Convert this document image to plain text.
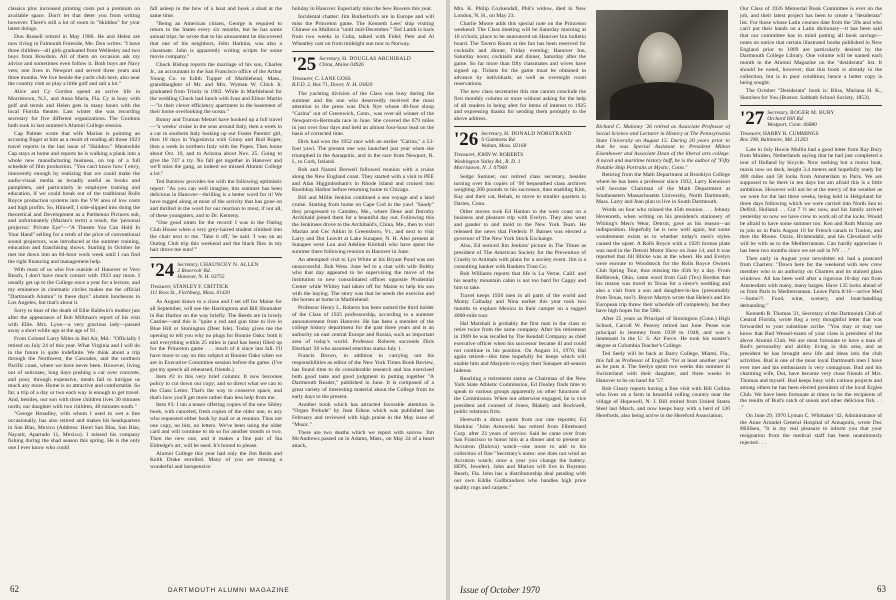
classics plus increased printing costs put a premium on available space. Don't let that deter you from writing however. There's still a lot of room in "Skiddoo" for your latest doings.

Don Russell retired in May 1966. He and Helen are now living in Falmouth Foreside, Me. Don writes: "I have three children—all girls graduated from Wellesley and two boys from Bowdoin. All of them on occasion ask my advice and sometimes even follow it. Both boys are Navy vets; one lives in Newport and served three years and three months. We live beside the yacht club here, also near the country club so play a little golf and sail a lot."

Alice and Cy Gordon spend an active life in Morristown, N.J., and Anna Maria, Fla. Cy is busy with golf and tennis and Helen gets in many hours with the local Florida theatre. Last winter she was recording secretary for five different organizations. The Gordons both took in last summer's Alumni College session.

Cap Palmer wrote that wife Marian is pointing an accusing finger at him as a result of reading all those 1923 travel reports in the last issue of "Skiddoo." Meanwhile Cap stays at home and reports he is walking a plank into a whole new manufacturing business, on top of a full schedule of film production. "You can't know how I envy, innocently enough by realizing that we could make the audio-visual media as broadly useful as books and pamphlets, and particularly in employee training and education, if we could break out of the traditional Rolls Royce production systems into the VW area of low costs and high profits. So, Himself, I side-slipped into doing the theoretical and Development as a Parthenon Pictures sub, and unfortunately (Marian's term) a result, the 'personal projector,' Private Eye"—"A Theatre You Can Hold In Your Hand" selling for a tenth of the price of conventional sound projectors, was introduced at the summer training, education and franchising shows. Starting in October he met me down into an 84-hour work week until I can find the right financing and management help.

With most of us who live outside of Hanover or Vero Beach, I don't have much contact with 1923 any more. I usually get up to the College once a year for a lecture, and my eminence in cinematic circles makes me the official "Dartmouth Alumni" in these days" alumni luncheons in Los Angeles, but that's about it.

Sorry to hear of the death of Ellie Baldwin's mother just after the appearance of Bob Millman's report of his visit with Ellie. Mrs. Lyon—a very gracious lady—passed away a short while ago at the age of 91.

From Colonel Larry Miles in Bel Air, Md.: "Officially I retired on July 24 of this year. What Virginia and I will do in the future is quite indefinite. We think about a trip through the Northwest, the Cascades, and the northern Pacific coast, where we have never been. However, living out of suitcases, long days pushing a car over concrete, and poor, through expensive, meals fail to intrigue us much any more. Home is so attractive and comfortable. So far, a trip of a day or two each way is enough to get travel. And, besides, our son with three children lives 30 minutes north; our daughter with two children, 40 minutes south."

"George Broadley, with whom I used to wet a line occasionally, has also retired and makes his headquarters in San Blas, Mexico (Address: Hotel San Blas, San Blas, Nayarit, Apartado 11, Mexico). I missed his company fishing during the shad season this spring. He is the only one I ever know who could

fall asleep in the bow of a boat and hook a shad at the same time.

"Being an American citizen, George is required to return to the States every six months, but he has some annual trips; he wrote that to his amusement he discovered that one of his neighbors, John Harkins, was also a classmate. John is apparently writing scripts for some movie company."

Chuck Bishop reports the marriage of his son, Charles Jr., an accountant in the San Francisco office of the Arthur Young Co. to Edith Tupper of Marblehead, Mass., granddaughter of Mr. and Mrs. Wyman W. Chick Jr. graduated from Trinity in 1962. While in Marblehead for the wedding Chuck had lunch with Ivan and Elinor Martin—"in their clever efficiency apartment in the basement of their home overlooking the ocean."

Bunny and Truman Metzel have hooked up a full travel—"a weeks' cruise in the seas around Italy, then a week in a car in southern Italy looking up our Foster Parents' girl, then 10 days in Yugoslavia with Ginny and Bud Roper, then a week in northern Italy with the Popes. Then home about Oct. 10, and to Arizona about Nov. 25. Going to give the 747 a try. No fall get together in Hanover and we'll miss the gang, as indeed we missed Alumni College a lot."

Ted Barstow provides me with the following optimistic report: "As you can well imagine, this summer has been delicious in Hanover—thrilling is a better word for it! We have tugged along at most of the activity that has gone on and thrilled in the word for our reaction to most, if not all, of these youngsters, and to Dr. Kemeny.

"One good omen for the record: I was in the Outing Club House when a very grey-haired student climbed into the chair next to me. 'Take it off,' he said. 'I was on an Outing Club trip this weekend and the black flies in my hair drove me nuts!'"

'24 Secretary, CHAUNCEY N. ALLEN
2 Reservoir Rd.
Hanover, N. H. 03755
Treasurer, STANLEY F. CRITTICK
111 Ross St., Fitchburg, Mass. 01420

As August draws to a close and I set off for Maine for all September, will see the Harringtons and Bill Shumaker in Bar Harbor on the way briefly. The Reeds are in lovely Castine—and this is "quite a rod and gun time to live in Blue Hill or Stonington (Deer Isle). Today gives me the opening to tell you why no plugs for Bonnie Oaks: both it and everything within 25 miles is (and has been) filled up for the Princeton game . . . much of it since last fall. I'll have more to say on this subject at Bonnie Oaks when we are in Executive Committee session before the game. (I've got my speech all rehearsed, friends.)

Item #2 in this very brief column: It now becomes policy to cut down our copy; and so direct what we can to the Class Letter. That's the way to conserve space, and that's how you'll get more rather than less help from me.

Item #3: I ran a teaser offering copies of the new Sibley book, with canceled, fresh copies of the older one, to any who requested either book by mail or at reunion. Thus not one copy, no bits, no letters. We've been using the older card and will continue to do so for another month or two. Then the new one, and it makes a fine pair of Sta Eldredge's art, will be used. It's bound to please.

Alumni College this year had only the Jim Reids and Keith Drake enrolled. Many of you are missing a wonderful and inexpensive

holiday in Hanover. Especially miss the Sew Bowers this year.

Incidental chatter: Jim Rutherford's are in Europe and will miss the Princeton game. The Kenneth Lees' ship visiting Chinese on Mallorca "until mid-December." Ted Lamb is back from two weeks in Cuba, talked with Fidel; Pete and Al Wheatley cast on from midnight sun tour to Norway.

'25 Secretary, H. DOUGLAS ARCHIBALD
China, Maine 04926
Treasurer, C. LANE GOSS
R.F.D. 2, Box 71, Dover, N. H. 03820

The yachting division of the Class was busy during the summer and the one who deservedly received the most attention in the press was Dick Nye whose 48-foot sloop "Carina" out of Greenwich, Conn., was over-all winner of the Newport-to-Bermuda race in June. She covered the 679 miles in just over four days and held an almost four-hour lead on the basis of corrected time.

Dick had won the 1952 race with an earlier "Carina," a 53-foot yawl. The present one was launched just year when she triumphed in the Annapolis, and in the race from Newport, R. I., to Cork, Ireland.

Bob and Naomi Borwell followed reunion with a cruise along the New England coast. They started with a visit to PEE and Alan Higginbotham's in Rhode Island and cruised into Boothbay Harbor before returning home to Chicago.

Bill and Millie Jenkins combined a sea voyage and a land cruise. Starting from home on Cape Cod in the yawl "Sandy" they progressed to Camden, Me., where Dene and Dorothy Archibald joined them for a beautiful day out. Following this the Jenkinses drove to the Archibald's, China, Me., then to visit Marian and Cec Aitkin in Greensboro, Vt., and next to visit Larry and Dot Leavitt at Lake Sunapee, N. H. Also present at Sunapee were Lou and Adeline Kimball who have spent the summer there following reunion in Hanover in June.

An attempted visit to Lyn White at his Bryant Pond was not unsuccessful. Bob Wess. June led to a chat with wife Bobby who that day appeared to be supervising the move of the institution to new consolidated offices opposite Prudential Center while Whitey had taken off for Maine to help his son with the haying. The story was that he needs the exercise and the horses at home in Marblehead.

Professor Henry L. Roberts has been named the third holder of the Class of 1925 professorship, according to a summer announcement from Hanover. He has been a member of the college history department for the past three years and is an authority on east central Europe and Russia, such as important area of today's world. Professor Roberts succeeds Dick Eberhart '26 who assumed emeritus status July 1.

Francis Brown, in addition to carrying out his responsibilities as editor of the New York Times Book Review, has found time to do considerable research and has exercised both good taste and good judgment in putting together "A Dartmouth Reader," published in June. It is composed of a great variety of interesting material about the College from its early days to the present.

Another book which has attracted favorable attention is "Organ Prelude" by Jean Edson which was published last February and reviewed with high praise in the May issue of "Music."

There are two deaths which we report with sorrow. Jim McAndrews passed on in Adams, Mass., on May 24 of a heart attack,

62	DARTMOUTH ALUMNI MAGAZINE

Mrs. K. Philip Coykendall, Phil's widow, died in New London, N. H., on May 23.

Charlie Moore adds this special note on the Princeton weekend: The Class meeting will be Saturday morning at 10 o'clock; place to be announced on Hanover Inn bulletin board. The Tavern Room at the Inn has been reserved for cocktails and dinner, Friday evening; Hanover Inn, Saturday noon; cocktails and dinner, Saturday after the game. So far more than fifty classmates and wives have signed up. Tickets for the game must be obtained in advance by individuals; as well as overnight room reservations.

The new class secretaries this one cannot conclude the first monthly column or more without asking for the help of all readers in being alert for items of interest to 1925 and expressing thanks for sending them promptly to the above address.

'26 Secretary, H. DONALD NORSTRAND
9 Gammons Rd.
Waban, Mass. 02168
Treasurer, JOHN W. ROBERTS
Washington Valley Rd., R. D. 1
Morristown, N. J. 07960

Sedge Sumner, our retired class secretary, besides turning over his copies of ’06 bequeathed class archives weighing 200 pounds to his successor, then enabling Kim, Kay and their cat, Rehab, to move to smaller quarters in Darien, Conn.

Other moves took Ed Hanlon to the west coast on a business and pleasure trip with Evelyn. They also went and gander to and mold to the New York Team. He released the news that Frederic P. Barnes was elected a governor of The New York Stock Exchange.

Also, Ed noticed Jim Jenkins' picture in The Times as president of The American Society for the Prevention of Cruelty to Animals with plans for a society event. Jim is a consulting banker with Bankers Trust Co.

Bob Williams reports that life is La Verne, Calif. and his nearby mountain cabin is not too hard for Cappy and him to take.

Travel keeps 1926 men in all parts of the world and Monty Calladay and Nina earlier this year took two months to explore Mexico in their camper on a rugged 4000-mile tour.

Hal Marshall is probably the first man in the class to retire twice from the same company. After his retirement in 1969 he was recalled by The Kendall Company as chief executive officer when his successor became ill and could not continue in his position. On August 31, 1970, Hal again retired—this time hopefully for keeps which will enable him and Marjorie to enjoy their Sunapee all-season hideout.

Reaching a retirement status as Chairman of the New York State Athletic Commission, Ed Dooley finds time to speak to various groups apparently on other functions of the Commission. When not otherwise engaged, he is vice president and counsel of Jones, Blakely and Rockwell, public relations firm.

Herewith a direct quote from our rate reporter, Ed Haskins: "John Arnowski has retired from Fibreboard Corp. after 23 years of service. Said he came over from San Francisco to honor him at a dinner and to present an Accutron (Bulova) watch—one more to add to his collection of fine "Secretary's notes: one does not wind an Accutron watch; once a year you change the battery. HDN, Jeweler). John and Marion will live in Boynton Beach, Fla. John has a distributorship deal pending with our own Eddie Gullbrandsen who handles high price quality rugs and carpets."

Richard C. Maloney '26 retired as Associate Professor of Social Science and Lecturer in History at The Pennsylvania State University on August 15. During 20 years prior to that he was Special Assistant to President Milton Eisenhower and Associate Dean of the liberal arts college. A naval and maritime history buff, he is the author of "Fifty Notable Ship Portraits at Mystic, Conn."

Retiring from the Math Department at Brooklyn College where he has been a professor since 1932, Larry Kennison will become Chairman of the Math Department at Southeastern Massachusetts University, North Dartmouth, Mass. Larry and Jean plan to live in South Dartmouth.

Words on four who missed the 45th reunion . . . Johnny Hovenreth, when writing on his president's stationery of Whiting's Men's Wear, Detroit, gave as his reason—an indisposition. Hopefully he is now well again, but some wondrement exists as to whether today's men's styles caused the upset. A Rolls Royce with a 1926 license plate was used in the Detroit Motor Show on June 14, and it was reported that Jill Blicke was at the wheel. He and Evelyn were enroute to Woodstock for the Rolls Royce Owners Club Spring Tour, thus missing the 45th by a day. From Bellbrook, Ohio, came word from Gail (Tex) Borden that his reason was travel to Texas for a niece's wedding and also a visit from a son and daughter-in-law (presumably from Texas, too?). Boyce Martyn wrote that Helen's and his European trip threw their schedule off completely, but they have high hopes for the 50th.

After 25 years as Principal of Stonington (Conn.) High School, Carroll W. Peavey retired last June. Pease was principal in Jeremey from 1939 to 1948, and was a lieutenant in the U. S. Air Force. He took his master's degree at Columbia Teacher's College.

Ted Seely will be back at Barry College, Miami, Fla., this fall as Professor of English "for at least another year" as he puts it. The Seelys spent two weeks this summer in Switzerland with their daughter, and three weeks in Hanover to be on hand for '57.

Bob Cleary reports having a fine visit with Bill Collins who lives on a farm in beautiful rolling country near the village of Hopewell, N. J. Bill retired from United States Steel last March, and now keeps busy with a herd of 120 Herefords, also being active in the Hereford Association.

Our Class of 1926 Memorial Book Committee is ever on the job, and their latest project has been to create a "desiderata" list. For those whose Latin courses date from the '20s and who can't put their hands on a Latin dictionary—it has been said that our committee has in mind putting all book savings—notes on notice that certain illustrated books published in New England prior to 1869 are particularly desired by the Dartmouth College Library. One volume will be named each month in the Alumni Magazine on the "desiderata" list. It should be noted, however, that this book is already in the collection, but is in poor condition; hence a better copy is being sought.

The October "Desiderata" book is: Bliss, Mariana H. K., Sketches for You (Boston: Sabbath School Society, 1853).

'27 Secretary, ROGER M. BURY
Orchard Hill Rd.
Westport, Conn. 06880
Treasurer, HARRY R. CUMMINGS
Box 298, Baltimore, Md. 21203

Late in July Howie Mullin had a good letter from Ray Bury from Muiden, Netherlands saying that he had just completed a tour of Holland by bicycle. Now nothing but a motor boat, maxis now on deck, height 3.4 meters and hopefully ready for 400 miles and 58 locks from Amsterdam to Paris. We are supposed to be there in ten days but am afraid this is a little ambitious. However will not be at the mercy of the weather as we were for the last three weeks, being held in Helgoland for three days following which we were carried into North Sea to Delfzil, Holland. . . Cut 7 ½ sec now, and his family arrived yesterday so now we have crew to work all of the locks. Would be afraid to have some summer too. Ken and Ruth Murray are to join us in Paris August 16 for French canals to Toulon, and then the Rhone. Ozzie, Hvistendahl, and his Cleveland wife will be with us to the Mediterranean. Can hardly appreciate it has been two months since we set sail in NY . . ."

Then early in August your newsletter ed. had a postcard from Charters: "Down here for the weekend with new crew member who is an authority on Chartres and its stained glass windows. All has been well after a rigorous 10-day run from Amsterdam with many, many barges. Have 135 locks ahead of us from Paris to Mediterranean. Leave Paris 8/16—arrive Med—Some??. Food, wine, scenery, and boat-handling demanding."

Kenneth R. Thomas '21, Secretary of the Dartmouth Club of Central Florida, wrote Reg a very thoughtful letter that was forwarded to your substitute scribe. "You may or may not know that Bud Wessel-mann of your class is president of the above Alumni Club. We are most fortunate to have a man of Bud's personality and ability living in this area, and as president he has brought new life and ideas into the club activities. Bud is one of the most loyal Dartmouth men I have ever met and his enthusiasm is very contagious. Bud and his charming wife, Dot, have become very close friends of Mrs. Thomas and myself. Bud keeps busy with various projects and among others he has been elected president of the local Ecgles Club. We have been fortunate at times to be the recipients of the results of Bud's catch of snook and other delicious fish. . . ."

On June 29, 1970 Lyman C. Whittaker '42, Administrator of the Anne Arundel General Hospital of Annapolis, wrote Doc Milliken, "It is my real pleasure to inform you that your resignation from the medical staff has been unanimously rejected . . .

Issue of October 1970	63
